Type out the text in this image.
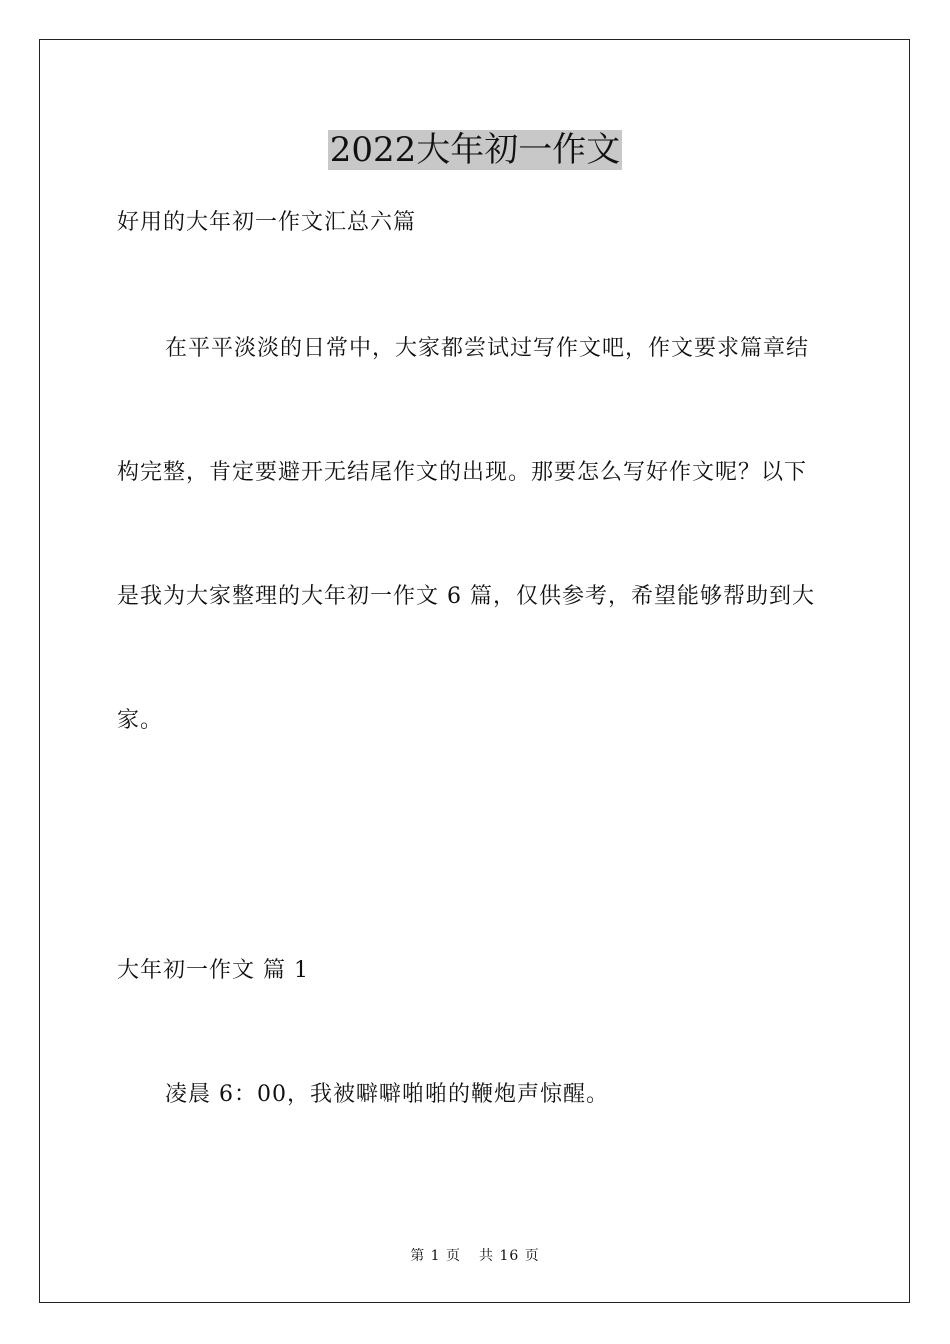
2022大年初一作文

好用的大年初一作文汇总六篇

在平平淡淡的日常中，大家都尝试过写作文吧，作文要求篇章结

构完整，肯定要避开无结尾作文的出现。那要怎么写好作文呢？以下

是我为大家整理的大年初一作文 6 篇，仅供参考，希望能够帮助到大

家。

大年初一作文 篇 1

凌晨 6：00，我被噼噼啪啪的鞭炮声惊醒。

第 1 页 共 16 页
